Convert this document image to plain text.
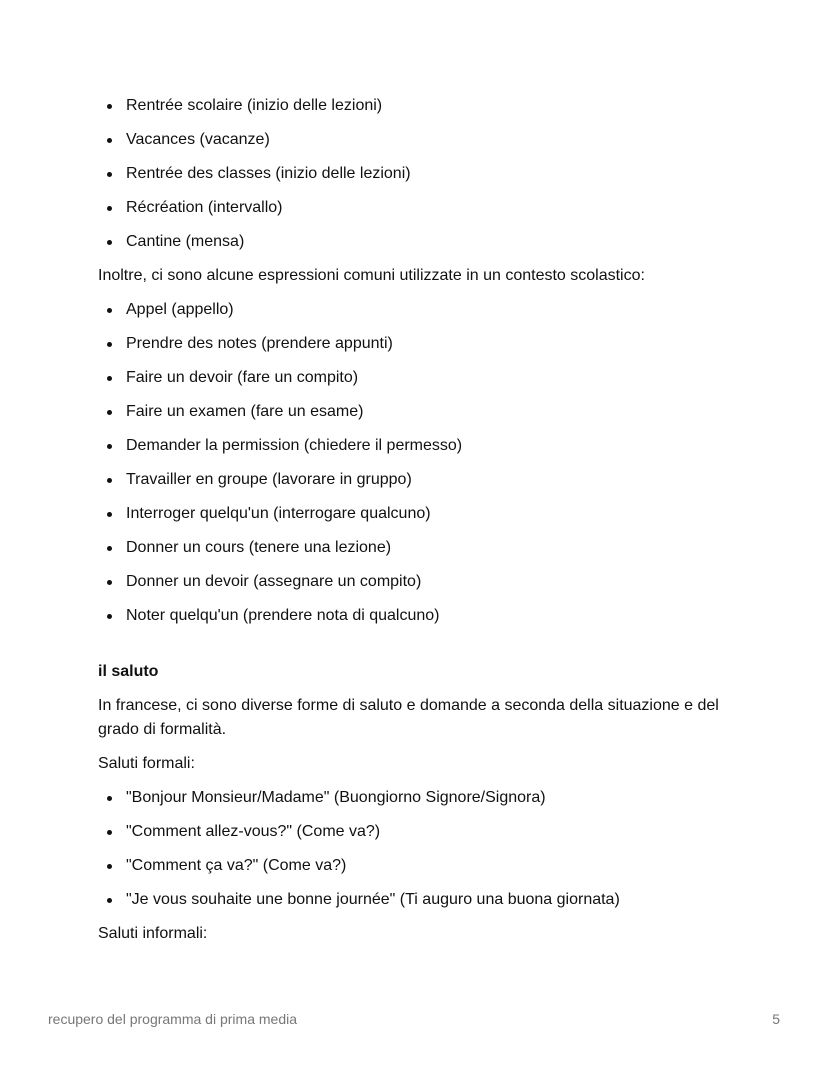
Rentrée scolaire (inizio delle lezioni)
Vacances (vacanze)
Rentrée des classes (inizio delle lezioni)
Récréation (intervallo)
Cantine (mensa)

Inoltre, ci sono alcune espressioni comuni utilizzate in un contesto scolastico:

Appel (appello)
Prendre des notes (prendere appunti)
Faire un devoir (fare un compito)
Faire un examen (fare un esame)
Demander la permission (chiedere il permesso)
Travailler en groupe (lavorare in gruppo)
Interroger quelqu'un (interrogare qualcuno)
Donner un cours (tenere una lezione)
Donner un devoir (assegnare un compito)
Noter quelqu'un (prendere nota di qualcuno)

il saluto

In francese, ci sono diverse forme di saluto e domande a seconda della situazione e del grado di formalità.

Saluti formali:

"Bonjour Monsieur/Madame" (Buongiorno Signore/Signora)
"Comment allez-vous?" (Come va?)
"Comment ça va?" (Come va?)
"Je vous souhaite une bonne journée" (Ti auguro una buona giornata)

Saluti informali:

recupero del programma di prima media	5
